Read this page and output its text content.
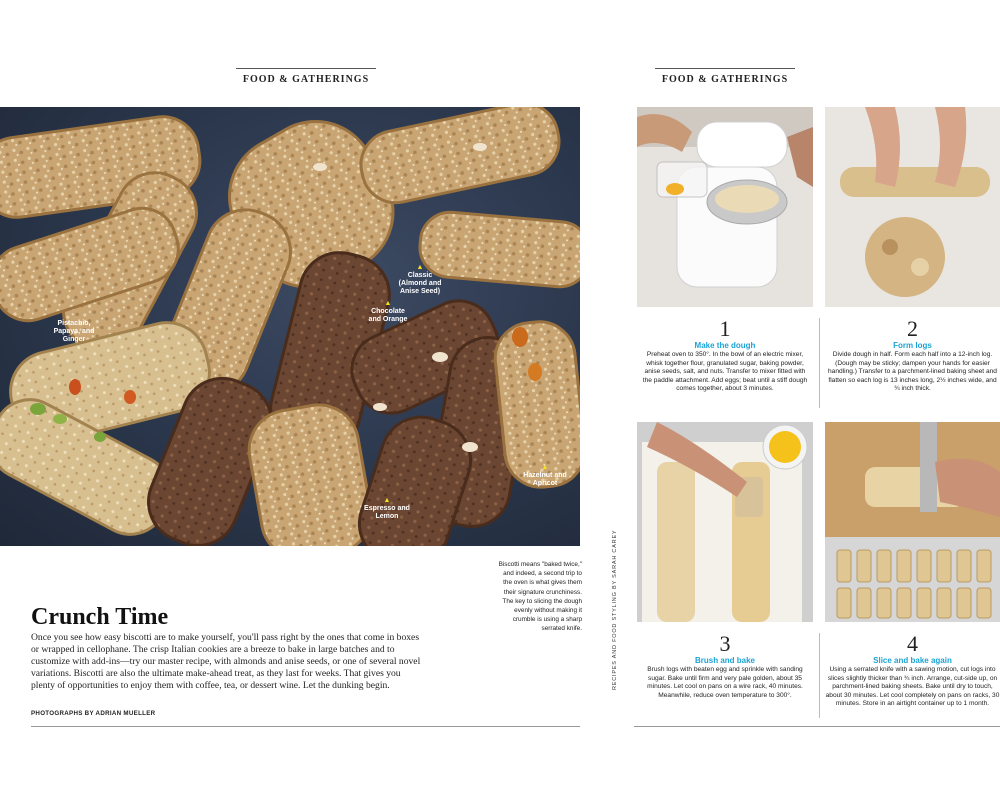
FOOD & GATHERINGS	FOOD & GATHERINGS
▲
Classic (Almond and Anise Seed)
▲
Chocolate and Orange
Pistachio, Papaya, and Ginger
▲
Hazelnut and Apricot
▲
Espresso and Lemon
Biscotti means "baked twice," and indeed, a second trip to the oven is what gives them their signature crunchiness. The key to slicing the dough evenly without making it crumble is using a sharp serrated knife.
Crunch Time
Once you see how easy biscotti are to make yourself, you'll pass right by the ones that come in boxes or wrapped in cellophane. The crisp Italian cookies are a breeze to bake in large batches and to customize with add-ins—try our master recipe, with almonds and anise seeds, or one of several novel variations. Biscotti are also the ultimate make-ahead treat, as they last for weeks. That gives you plenty of opportunities to enjoy them with coffee, tea, or dessert wine. Let the dunking begin.
PHOTOGRAPHS BY ADRIAN MUELLER
RECIPES AND FOOD STYLING BY SARAH CAREY
1
Make the dough
Preheat oven to 350°. In the bowl of an electric mixer, whisk together flour, granulated sugar, baking powder, anise seeds, salt, and nuts. Transfer to mixer fitted with the paddle attachment. Add eggs; beat until a stiff dough comes together, about 3 minutes.
2
Form logs
Divide dough in half. Form each half into a 12-inch log. (Dough may be sticky; dampen your hands for easier handling.) Transfer to a parchment-lined baking sheet and flatten so each log is 13 inches long, 2½ inches wide, and ¾ inch thick.
3
Brush and bake
Brush logs with beaten egg and sprinkle with sanding sugar. Bake until firm and very pale golden, about 35 minutes. Let cool on pans on a wire rack, 40 minutes. Meanwhile, reduce oven temperature to 300°.
4
Slice and bake again
Using a serrated knife with a sawing motion, cut logs into slices slightly thicker than ¾ inch. Arrange, cut-side up, on parchment-lined baking sheets. Bake until dry to touch, about 30 minutes. Let cool completely on pans on racks, 30 minutes. Store in an airtight container up to 1 month.
